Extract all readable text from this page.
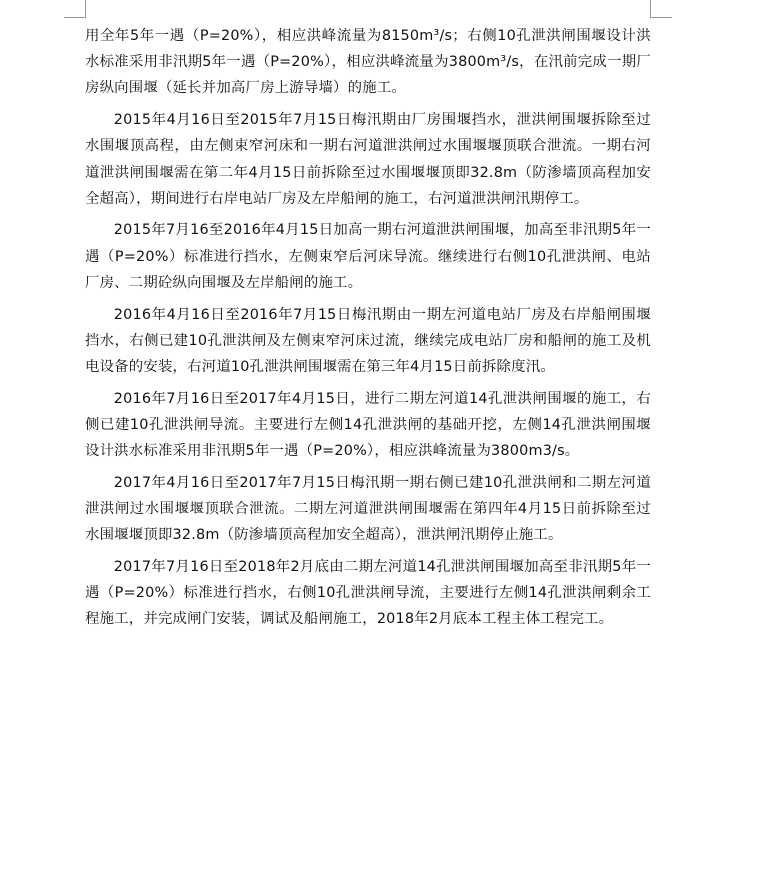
用全年5年一遇（P=20%），相应洪峰流量为8150m³/s；右侧10孔泄洪闸围堰设计洪水标准采用非汛期5年一遇（P=20%），相应洪峰流量为3800m³/s，在汛前完成一期厂房纵向围堰（延长并加高厂房上游导墙）的施工。

2015年4月16日至2015年7月15日梅汛期由厂房围堰挡水，泄洪闸围堰拆除至过水围堰顶高程，由左侧束窄河床和一期右河道泄洪闸过水围堰堰顶联合泄流。一期右河道泄洪闸围堰需在第二年4月15日前拆除至过水围堰堰顶即32.8m（防渗墙顶高程加安全超高），期间进行右岸电站厂房及左岸船闸的施工，右河道泄洪闸汛期停工。

2015年7月16至2016年4月15日加高一期右河道泄洪闸围堰，加高至非汛期5年一遇（P=20%）标准进行挡水，左侧束窄后河床导流。继续进行右侧10孔泄洪闸、电站厂房、二期砼纵向围堰及左岸船闸的施工。

2016年4月16日至2016年7月15日梅汛期由一期左河道电站厂房及右岸船闸围堰挡水，右侧已建10孔泄洪闸及左侧束窄河床过流，继续完成电站厂房和船闸的施工及机电设备的安装，右河道10孔泄洪闸围堰需在第三年4月15日前拆除度汛。

2016年7月16日至2017年4月15日，进行二期左河道14孔泄洪闸围堰的施工，右侧已建10孔泄洪闸导流。主要进行左侧14孔泄洪闸的基础开挖，左侧14孔泄洪闸围堰设计洪水标准采用非汛期5年一遇（P=20%），相应洪峰流量为3800m3/s。

2017年4月16日至2017年7月15日梅汛期一期右侧已建10孔泄洪闸和二期左河道泄洪闸过水围堰堰顶联合泄流。二期左河道泄洪闸围堰需在第四年4月15日前拆除至过水围堰堰顶即32.8m（防渗墙顶高程加安全超高），泄洪闸汛期停止施工。

2017年7月16日至2018年2月底由二期左河道14孔泄洪闸围堰加高至非汛期5年一遇（P=20%）标准进行挡水，右侧10孔泄洪闸导流，主要进行左侧14孔泄洪闸剩余工程施工，并完成闸门安装，调试及船闸施工，2018年2月底本工程主体工程完工。
